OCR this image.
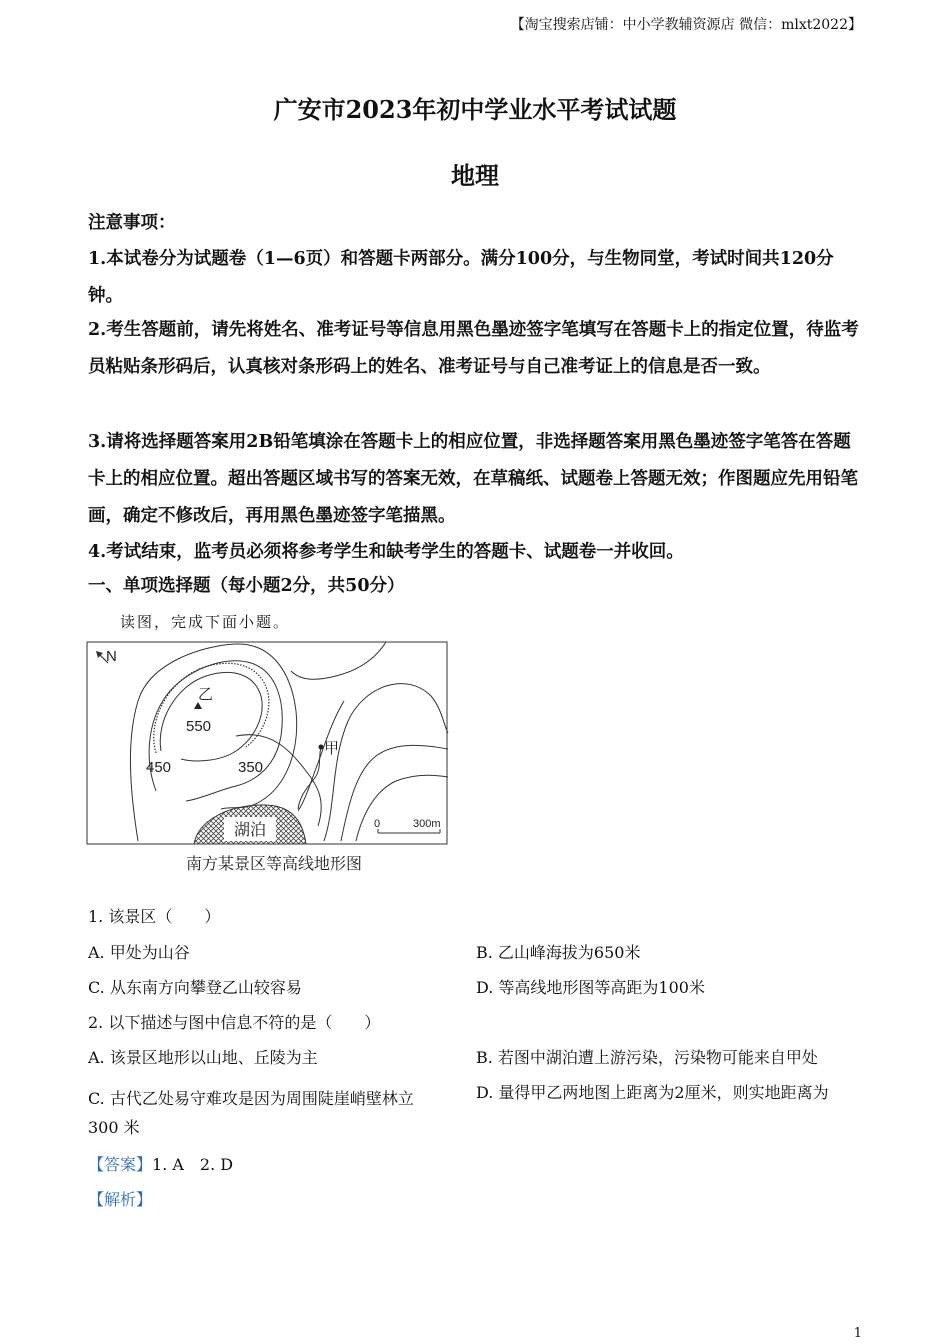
【淘宝搜索店铺：中小学教辅资源店 微信：mlxt2022】
广安市2023年初中学业水平考试试题
地理
注意事项：
1.本试卷分为试题卷（1—6页）和答题卡两部分。满分100分，与生物同堂，考试时间共120分钟。
2.考生答题前，请先将姓名、准考证号等信息用黑色墨迹签字笔填写在答题卡上的指定位置，待监考员粘贴条形码后，认真核对条形码上的姓名、准考证号与自己准考证上的信息是否一致。
3.请将选择题答案用2B铅笔填涂在答题卡上的相应位置，非选择题答案用黑色墨迹签字笔答在答题卡上的相应位置。超出答题区域书写的答案无效，在草稿纸、试题卷上答题无效；作图题应先用铅笔画，确定不修改后，再用黑色墨迹签字笔描黑。
4.考试结束，监考员必须将参考学生和缺考学生的答题卡、试题卷一并收回。
一、单项选择题（每小题2分，共50分）
读图，完成下面小题。
N
乙
550
甲
450	350
湖泊	0	300m
南方某景区等高线地形图
1. 该景区（　　）
A. 甲处为山谷	B. 乙山峰海拔为650米
C. 从东南方向攀登乙山较容易	D. 等高线地形图等高距为100米
2. 以下描述与图中信息不符的是（　　）
A. 该景区地形以山地、丘陵为主	B. 若图中湖泊遭上游污染，污染物可能来自甲处
C. 古代乙处易守难攻是因为周围陡崖峭壁林立	D. 量得甲乙两地图上距离为2厘米，则实地距离为
300 米
【答案】1. A　2. D
【解析】
1
